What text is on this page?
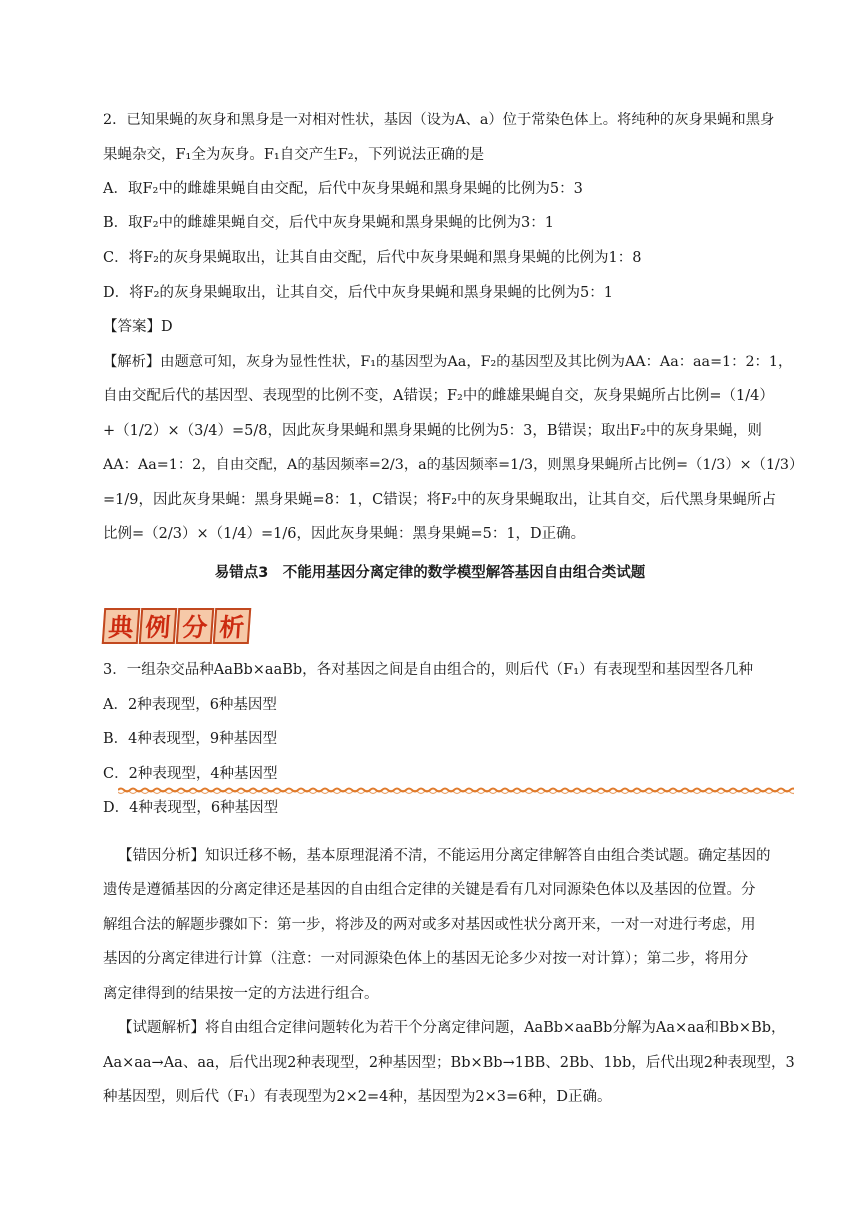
2．已知果蝇的灰身和黑身是一对相对性状，基因（设为A、a）位于常染色体上。将纯种的灰身果蝇和黑身
果蝇杂交，F₁全为灰身。F₁自交产生F₂，下列说法正确的是
A．取F₂中的雌雄果蝇自由交配，后代中灰身果蝇和黑身果蝇的比例为5：3
B．取F₂中的雌雄果蝇自交，后代中灰身果蝇和黑身果蝇的比例为3：1
C．将F₂的灰身果蝇取出，让其自由交配，后代中灰身果蝇和黑身果蝇的比例为1：8
D．将F₂的灰身果蝇取出，让其自交，后代中灰身果蝇和黑身果蝇的比例为5：1
【答案】D
【解析】由题意可知，灰身为显性性状，F₁的基因型为Aa，F₂的基因型及其比例为AA：Aa：aa=1：2：1，
自由交配后代的基因型、表现型的比例不变，A错误；F₂中的雌雄果蝇自交，灰身果蝇所占比例=（1/4）
+（1/2）×（3/4）=5/8，因此灰身果蝇和黑身果蝇的比例为5：3，B错误；取出F₂中的灰身果蝇，则
AA：Aa=1：2，自由交配，A的基因频率=2/3，a的基因频率=1/3，则黑身果蝇所占比例=（1/3）×（1/3）
=1/9，因此灰身果蝇：黑身果蝇=8：1，C错误；将F₂中的灰身果蝇取出，让其自交，后代黑身果蝇所占
比例=（2/3）×（1/4）=1/6，因此灰身果蝇：黑身果蝇=5：1，D正确。
易错点3　不能用基因分离定律的数学模型解答基因自由组合类试题
典 例 分 析
3．一组杂交品种AaBb×aaBb，各对基因之间是自由组合的，则后代（F₁）有表现型和基因型各几种
A．2种表现型，6种基因型
B．4种表现型，9种基因型
C．2种表现型，4种基因型
D．4种表现型，6种基因型
【错因分析】知识迁移不畅，基本原理混淆不清，不能运用分离定律解答自由组合类试题。确定基因的
遗传是遵循基因的分离定律还是基因的自由组合定律的关键是看有几对同源染色体以及基因的位置。分
解组合法的解题步骤如下：第一步，将涉及的两对或多对基因或性状分离开来，一对一对进行考虑，用
基因的分离定律进行计算（注意：一对同源染色体上的基因无论多少对按一对计算）；第二步，将用分
离定律得到的结果按一定的方法进行组合。
【试题解析】将自由组合定律问题转化为若干个分离定律问题，AaBb×aaBb分解为Aa×aa和Bb×Bb，
Aa×aa→Aa、aa，后代出现2种表现型，2种基因型；Bb×Bb→1BB、2Bb、1bb，后代出现2种表现型，3
种基因型，则后代（F₁）有表现型为2×2=4种，基因型为2×3=6种，D正确。
